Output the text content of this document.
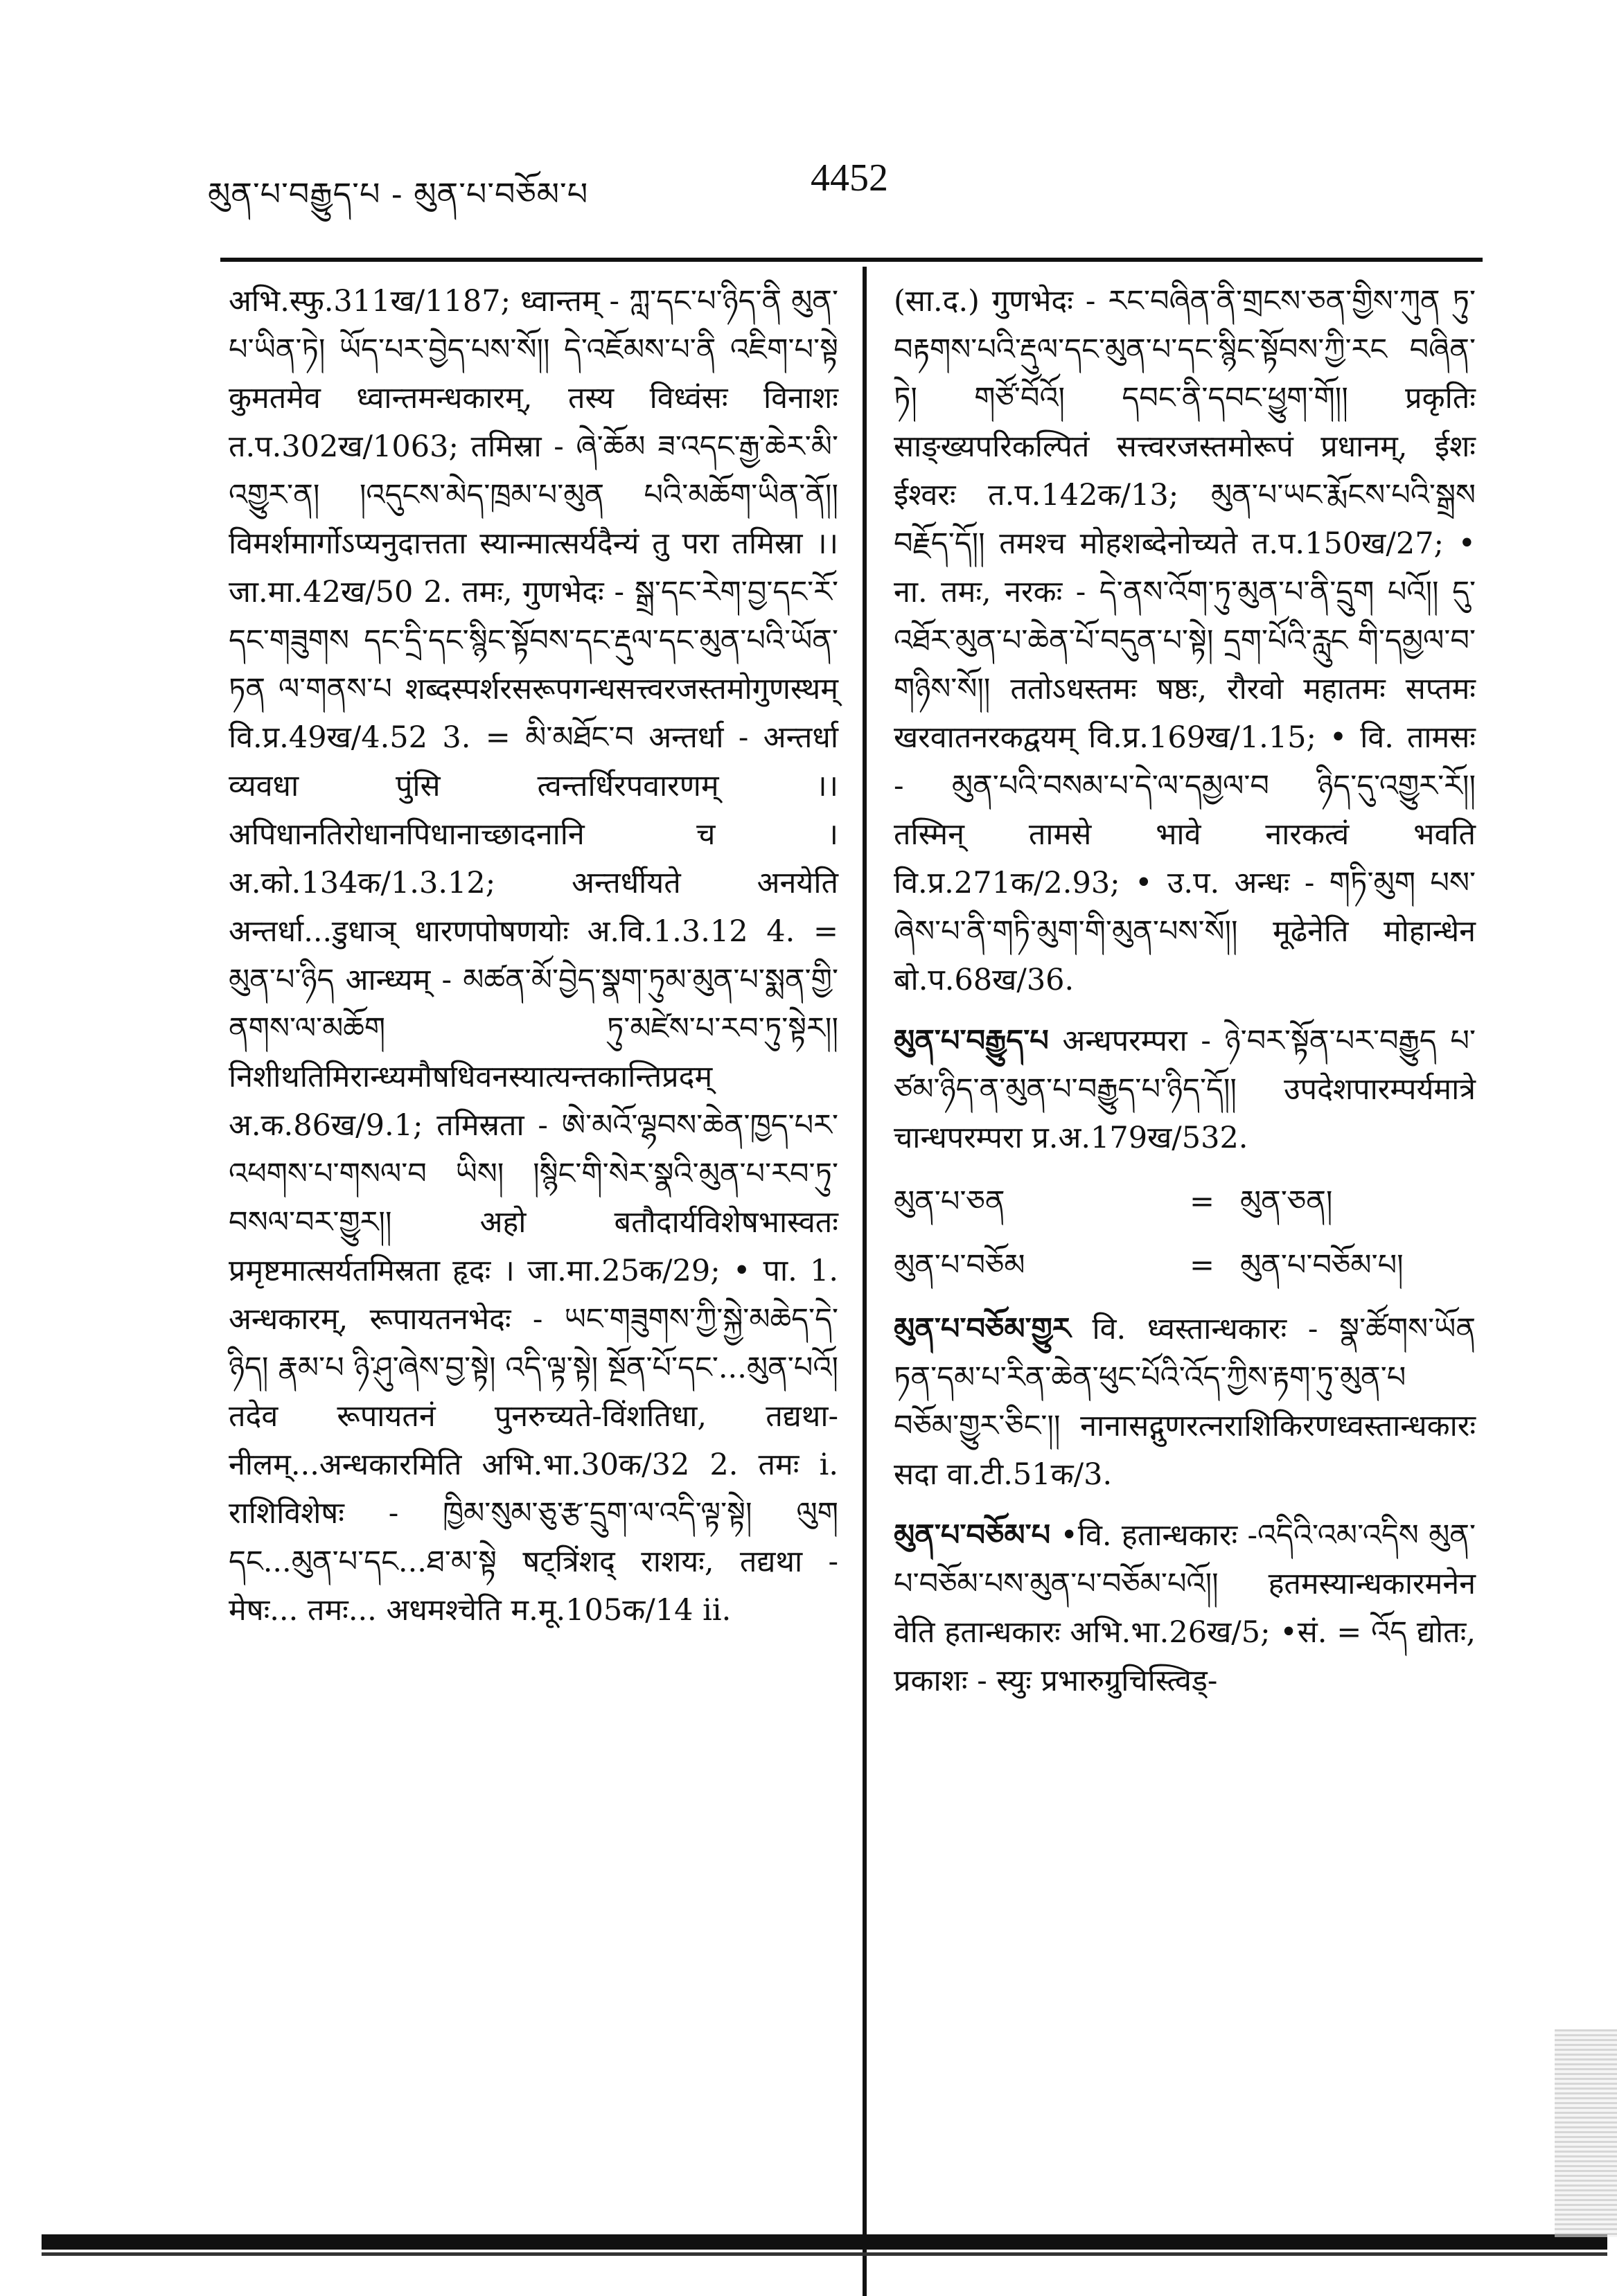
མུན་པ་བརྒྱུད་པ - མུན་པ་བཅོམ་པ	4452

अभि.स्फु.311ख/1187; ध्वान्तम् - ཀླ་དང་པ་ཉིད་ནི མུན་པ་ཡིན་ཏེ། ཡོད་པར་བྱེད་པས་སོ།། དེ་འཇོམས་པ་ནི འཇིག་པ་སྟེ कुमतमेव ध्वान्तमन्धकारम्, तस्य विध्वंसः विनाशः त.प.302ख/1063; तमिस्रा - ཞེ་ཆོམ ཟ་འདང་རྒྱ་ཆེར་མི་འགྱུར་ན། །འདུངས་མེད་ཁྲམ་པ་མུན པའི་མཆོག་ཡིན་ནོ།། विमर्शमार्गोऽप्यनुदात्तता स्यान्मात्सर्यदैन्यं तु परा तमिस्रा ।। जा.मा.42ख/50 2. तमः, गुणभेदः - སྒྲ་དང་རེག་བྱ་དང་རོ་དང་གཟུགས དང་དྲི་དང་སྙིང་སྟོབས་དང་རྡུལ་དང་མུན་པའི་ཡོན་ཏན ལ་གནས་པ शब्दस्पर्शरसरूपगन्धसत्त्वरजस्तमोगुणस्थम् वि.प्र.49ख/4.52 3. = མི་མཐོང་བ अन्तर्धा - अन्तर्धा व्यवधा पुंसि त्वन्तर्धिरपवारणम् ।। अपिधानतिरोधानपिधानाच्छादनानि च । अ.को.134क/1.3.12; अन्तर्धीयते अनयेति अन्तर्धा...डुधाञ् धारणपोषणयोः अ.वि.1.3.12 4. = མུན་པ་ཉིད आन्ध्यम् - མཚན་མོ་བྱེད་སྣག་ཏུམ་མུན་པ་སྨན་གྱི་ནགས་ལ་མཆོག ཏུ་མཛེས་པ་རབ་ཏུ་སྟེར།། निशीथतिमिरान्ध्यमौषधिवनस्यात्यन्तकान्तिप्रदम् अ.क.86ख/9.1; तमिस्रता - ཨེ་མའོ་ལྷབས་ཆེན་ཁྱད་པར་འཕགས་པ་གསལ་བ ཡིས། །སྙིང་གི་སེར་སྣའི་མུན་པ་རབ་ཏུ་བསལ་བར་གྱུར།། अहो बतौदार्यविशेषभास्वतः प्रमृष्टमात्सर्यतमिस्रता हृदः । जा.मा.25क/29; • पा. 1. अन्धकारम्, रूपायतनभेदः - ཡང་གཟུགས་ཀྱི་སྐྱེ་མཆེད་དེ་ཉིད། རྣམ་པ ཉི་ཤུ་ཞེས་བྱ་སྟེ། འདི་ལྟ་སྟེ། སྔོན་པོ་དང་...མུན་པའོ། तदेव रूपायतनं पुनरुच्यते-विंशतिधा, तद्यथा-नीलम्...अन्धकारमिति अभि.भा.30क/32 2. तमः i. राशिविशेषः - ཁྱིམ་སུམ་ཅུ་རྩ་དྲུག་ལ་འདི་ལྟ་སྟེ། ལུག དང...མུན་པ་དང...ཐ་མ་སྟེ षट्त्रिंशद् राशयः, तद्यथा - मेषः... तमः... अधमश्चेति म.मू.105क/14 ii.

(सा.द.) गुणभेदः - རང་བཞིན་ནི་གྲངས་ཅན་གྱིས་ཀུན ཏུ་བརྟགས་པའི་རྡུལ་དང་མུན་པ་དང་སྙིང་སྟོབས་ཀྱི་རང བཞིན་ཏེ། གཙོ་བོའོ། དབང་ནི་དབང་ཕྱུག་གོ།། प्रकृतिः साङ्ख्यपरिकल्पितं सत्त्वरजस्तमोरूपं प्रधानम्, ईशः ईश्वरः त.प.142क/13; མུན་པ་ཡང་རྨོངས་པའི་སྒྲས བརྗོད་དོ།། तमश्च मोहशब्देनोच्यते त.प.150ख/27; • ना. तमः, नरकः - དེ་ནས་འོག་ཏུ་མུན་པ་ནི་དྲུག པའོ།། དུ་འཐོར་མུན་པ་ཆེན་པོ་བདུན་པ་སྟེ། དྲག་པོའི་རླུང གི་དམྱལ་བ་གཉིས་སོ།། ततोऽधस्तमः षष्ठः, रौरवो महातमः सप्तमः खरवातनरकद्वयम् वि.प्र.169ख/1.15; • वि. तामसः - མུན་པའི་བསམ་པ་དེ་ལ་དམྱལ་བ ཉིད་དུ་འགྱུར་རོ།། तस्मिन् तामसे भावे नारकत्वं भवति वि.प्र.271क/2.93; • उ.प. अन्धः - གཏི་མུག པས་ཞེས་པ་ནི་གཏི་མུག་གི་མུན་པས་སོ།། मूढेनेति मोहान्धेन बो.प.68ख/36.

མུན་པ་བརྒྱུད་པ अन्धपरम्परा - ཉེ་བར་སྟོན་པར་བརྒྱུད པ་ཙམ་ཉིད་ན་མུན་པ་བརྒྱུད་པ་ཉིད་དོ།། उपदेशपारम्पर्यमात्रे चान्धपरम्परा प्र.अ.179ख/532.

མུན་པ་ཅན	= མུན་ཅན།
མུན་པ་བཅོམ	= མུན་པ་བཅོམ་པ།

མུན་པ་བཅོམ་གྱུར वि. ध्वस्तान्धकारः - སྣ་ཚོགས་ཡོན ཏན་དམ་པ་རིན་ཆེན་ཕུང་པོའི་འོད་ཀྱིས་རྟག་ཏུ་མུན་པ བཅོམ་གྱུར་ཅིང་།། नानासद्गुणरत्नराशिकिरणध्वस्तान्धकारः सदा वा.टी.51क/3.

མུན་པ་བཅོམ་པ •वि. हतान्धकारः -འདིའི་འམ་འདིས མུན་པ་བཅོམ་པས་མུན་པ་བཅོམ་པའོ།། हतमस्यान्धकारमनेन वेति हतान्धकारः अभि.भा.26ख/5; •सं. = འོད द्योतः, प्रकाशः - स्युः प्रभारुग्रुचिस्त्विड्-
